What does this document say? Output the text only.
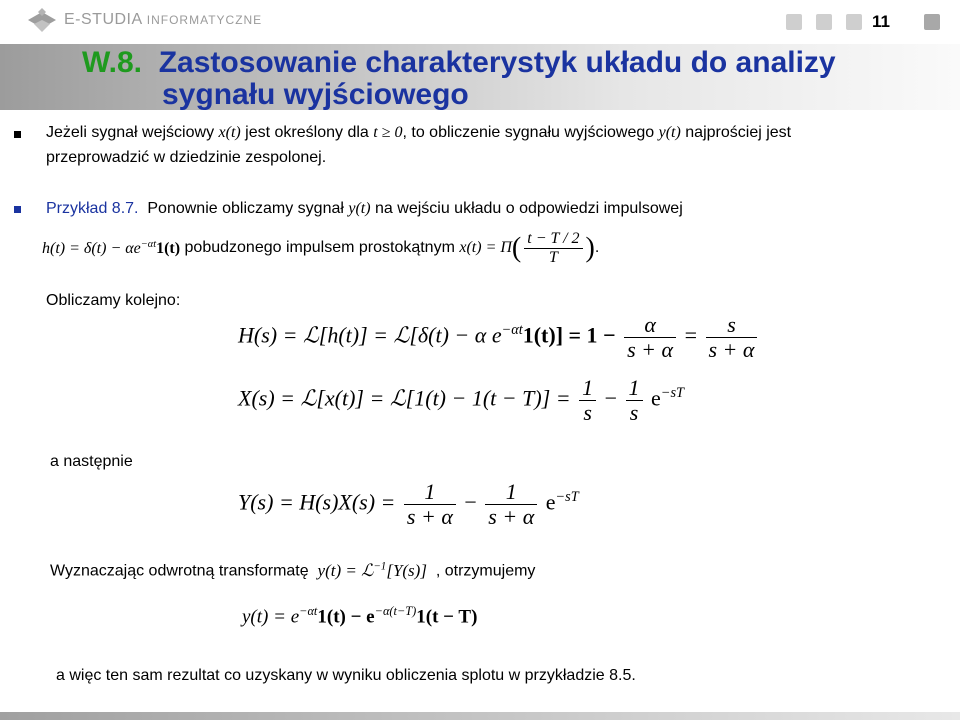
E-STUDIA INFORMATYCZNE	11
W.8. Zastosowanie charakterystyk układu do analizy
sygnału wyjściowego
Jeżeli sygnał wejściowy x(t) jest określony dla t ≥ 0, to obliczenie sygnału wyjściowego y(t) najprościej jest
przeprowadzić w dziedzinie zespolonej.
Przykład 8.7. Ponownie obliczamy sygnał y(t) na wejściu układu o odpowiedzi impulsowej
$h(t) = \delta(t) - \alpha e^{-\alpha t}1(t)$ pobudzonego impulsem prostokątnym $x(t) = \Pi( \frac{t - T / 2}{T}$ ).
Obliczamy kolejno:
H(s) = ℒ[h(t)] = ℒ[δ(t) − α $e^{-\alpha t}1(t)] = 1 - \frac{\alpha}{s + \alpha} = \frac{s}{s + \alpha}$
X(s) = ℒ[x(t)] = ℒ[1(t) − $1(t - T)] = \frac{1}{s} - \frac{1}{s} e^{-sT}$
a następnie
$Y(s) = H(s)X(s) = \frac{1}{s + \alpha} - \frac{1}{s + \alpha} e^{-sT}$
Wyznaczając odwrotną transformatę y(t) = ℒ$^{-1}$[Y(s)] , otrzymujemy
$y(t) = e^{-\alpha t}1(t) - e^{-\alpha(t-T)}1(t - T)$
a więc ten sam rezultat co uzyskany w wyniku obliczenia splotu w przykładzie 8.5.
